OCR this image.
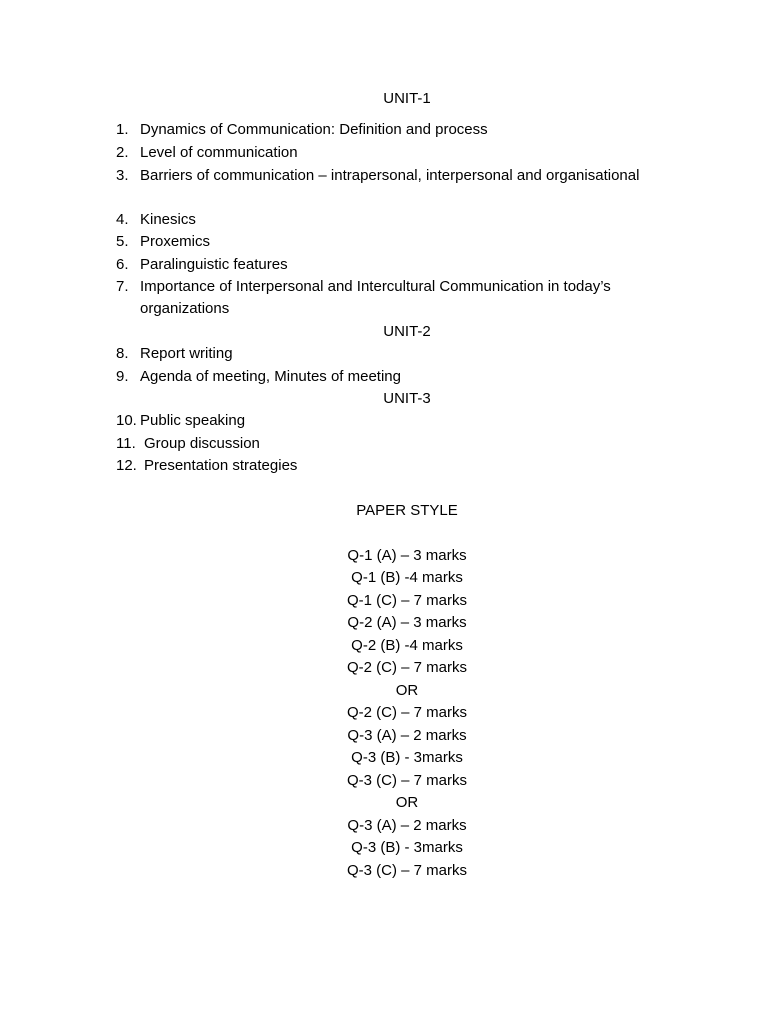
UNIT-1
1. Dynamics of Communication: Definition and process
2. Level of communication
3. Barriers of communication – intrapersonal, interpersonal and organisational
4. Kinesics
5. Proxemics
6. Paralinguistic features
7. Importance of Interpersonal and Intercultural Communication in today’s organizations
UNIT-2
8. Report writing
9. Agenda of meeting, Minutes of meeting
UNIT-3
10. Public speaking
11. Group discussion
12. Presentation strategies
PAPER STYLE
Q-1 (A) – 3 marks
Q-1 (B) -4 marks
Q-1 (C) – 7 marks
Q-2 (A) – 3 marks
Q-2 (B) -4 marks
Q-2 (C) – 7 marks
OR
Q-2 (C) – 7 marks
Q-3 (A) – 2 marks
Q-3 (B) - 3marks
Q-3 (C) – 7 marks
OR
Q-3 (A) – 2 marks
Q-3 (B) - 3marks
Q-3 (C) – 7 marks
